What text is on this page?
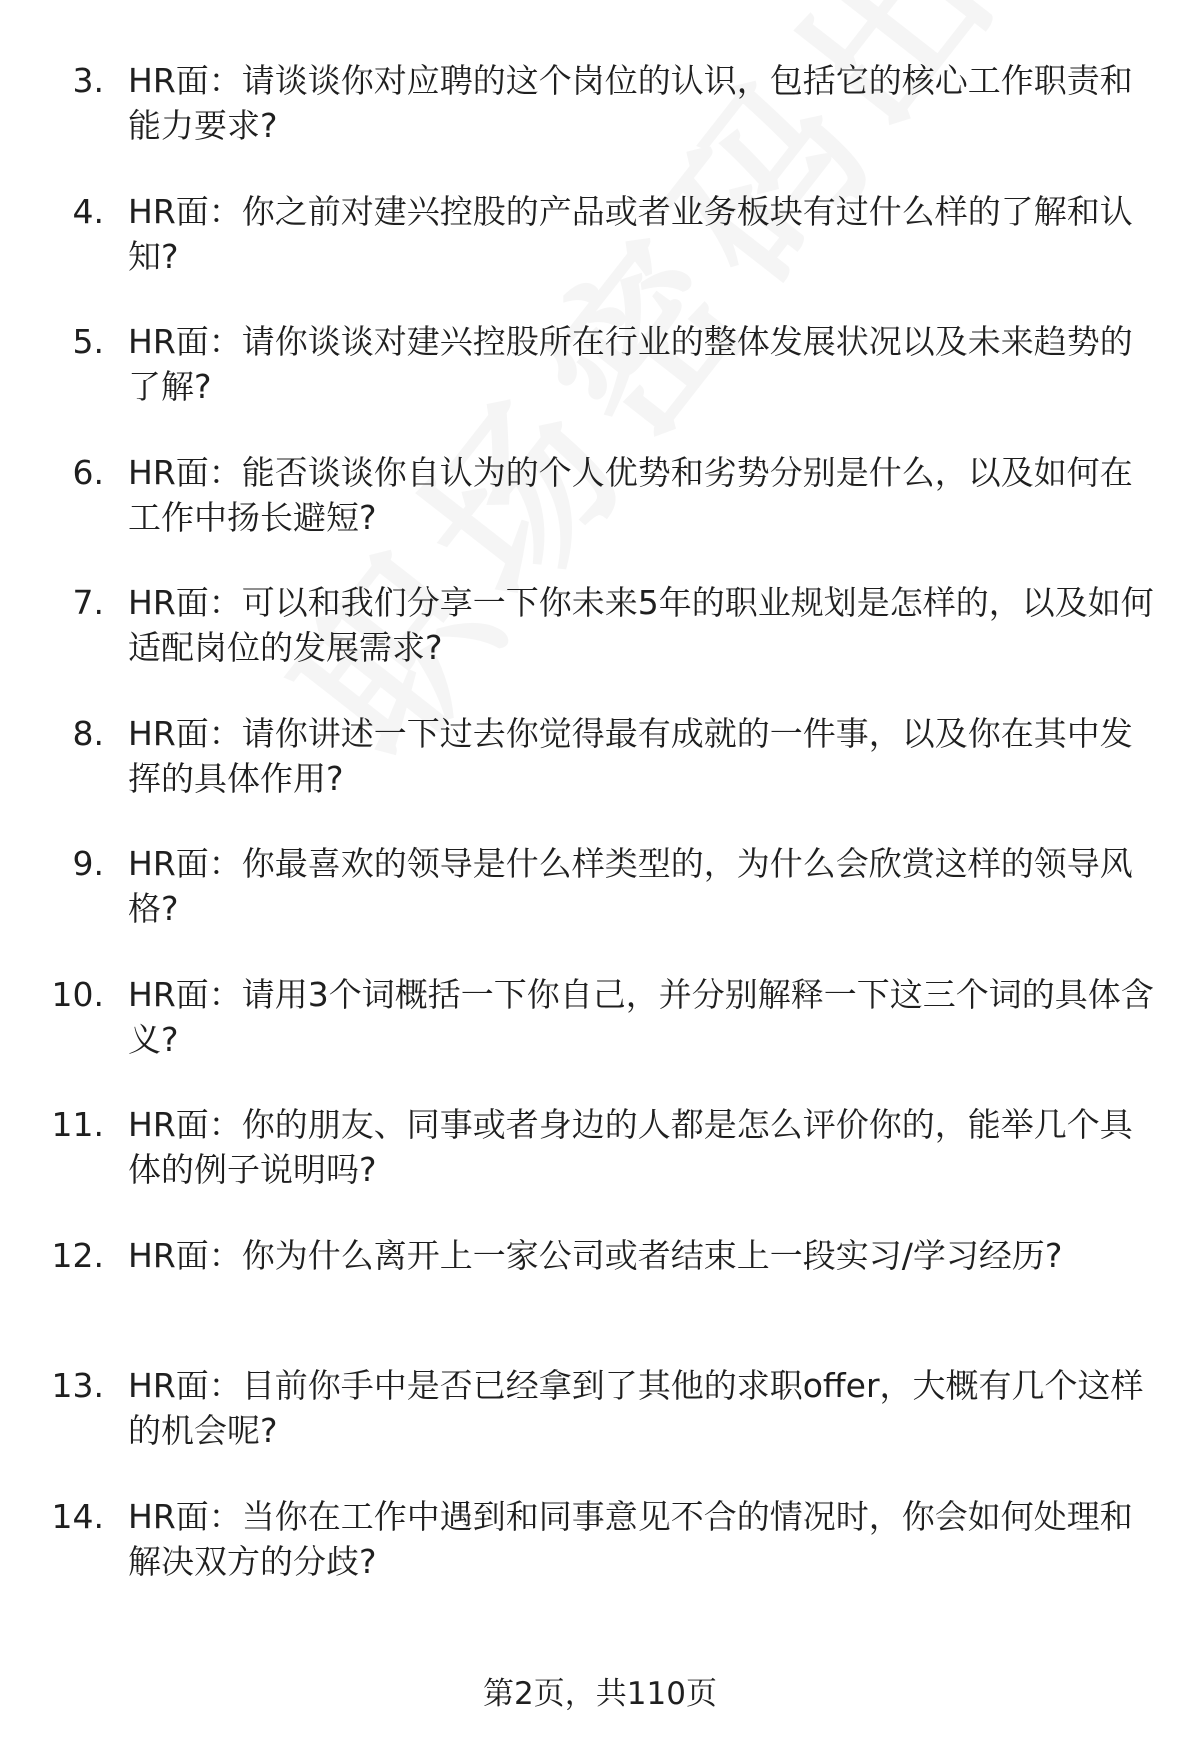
3. HR面：请谈谈你对应聘的这个岗位的认识，包括它的核心工作职责和能力要求?
4. HR面：你之前对建兴控股的产品或者业务板块有过什么样的了解和认知?
5. HR面：请你谈谈对建兴控股所在行业的整体发展状况以及未来趋势的了解?
6. HR面：能否谈谈你自认为的个人优势和劣势分别是什么，以及如何在工作中扬长避短?
7. HR面：可以和我们分享一下你未来5年的职业规划是怎样的，以及如何适配岗位的发展需求?
8. HR面：请你讲述一下过去你觉得最有成就的一件事，以及你在其中发挥的具体作用?
9. HR面：你最喜欢的领导是什么样类型的，为什么会欣赏这样的领导风格?
10. HR面：请用3个词概括一下你自己，并分别解释一下这三个词的具体含义?
11. HR面：你的朋友、同事或者身边的人都是怎么评价你的，能举几个具体的例子说明吗?
12. HR面：你为什么离开上一家公司或者结束上一段实习/学习经历?
13. HR面：目前你手中是否已经拿到了其他的求职offer，大概有几个这样的机会呢?
14. HR面：当你在工作中遇到和同事意见不合的情况时，你会如何处理和解决双方的分歧?
第2页，共110页
